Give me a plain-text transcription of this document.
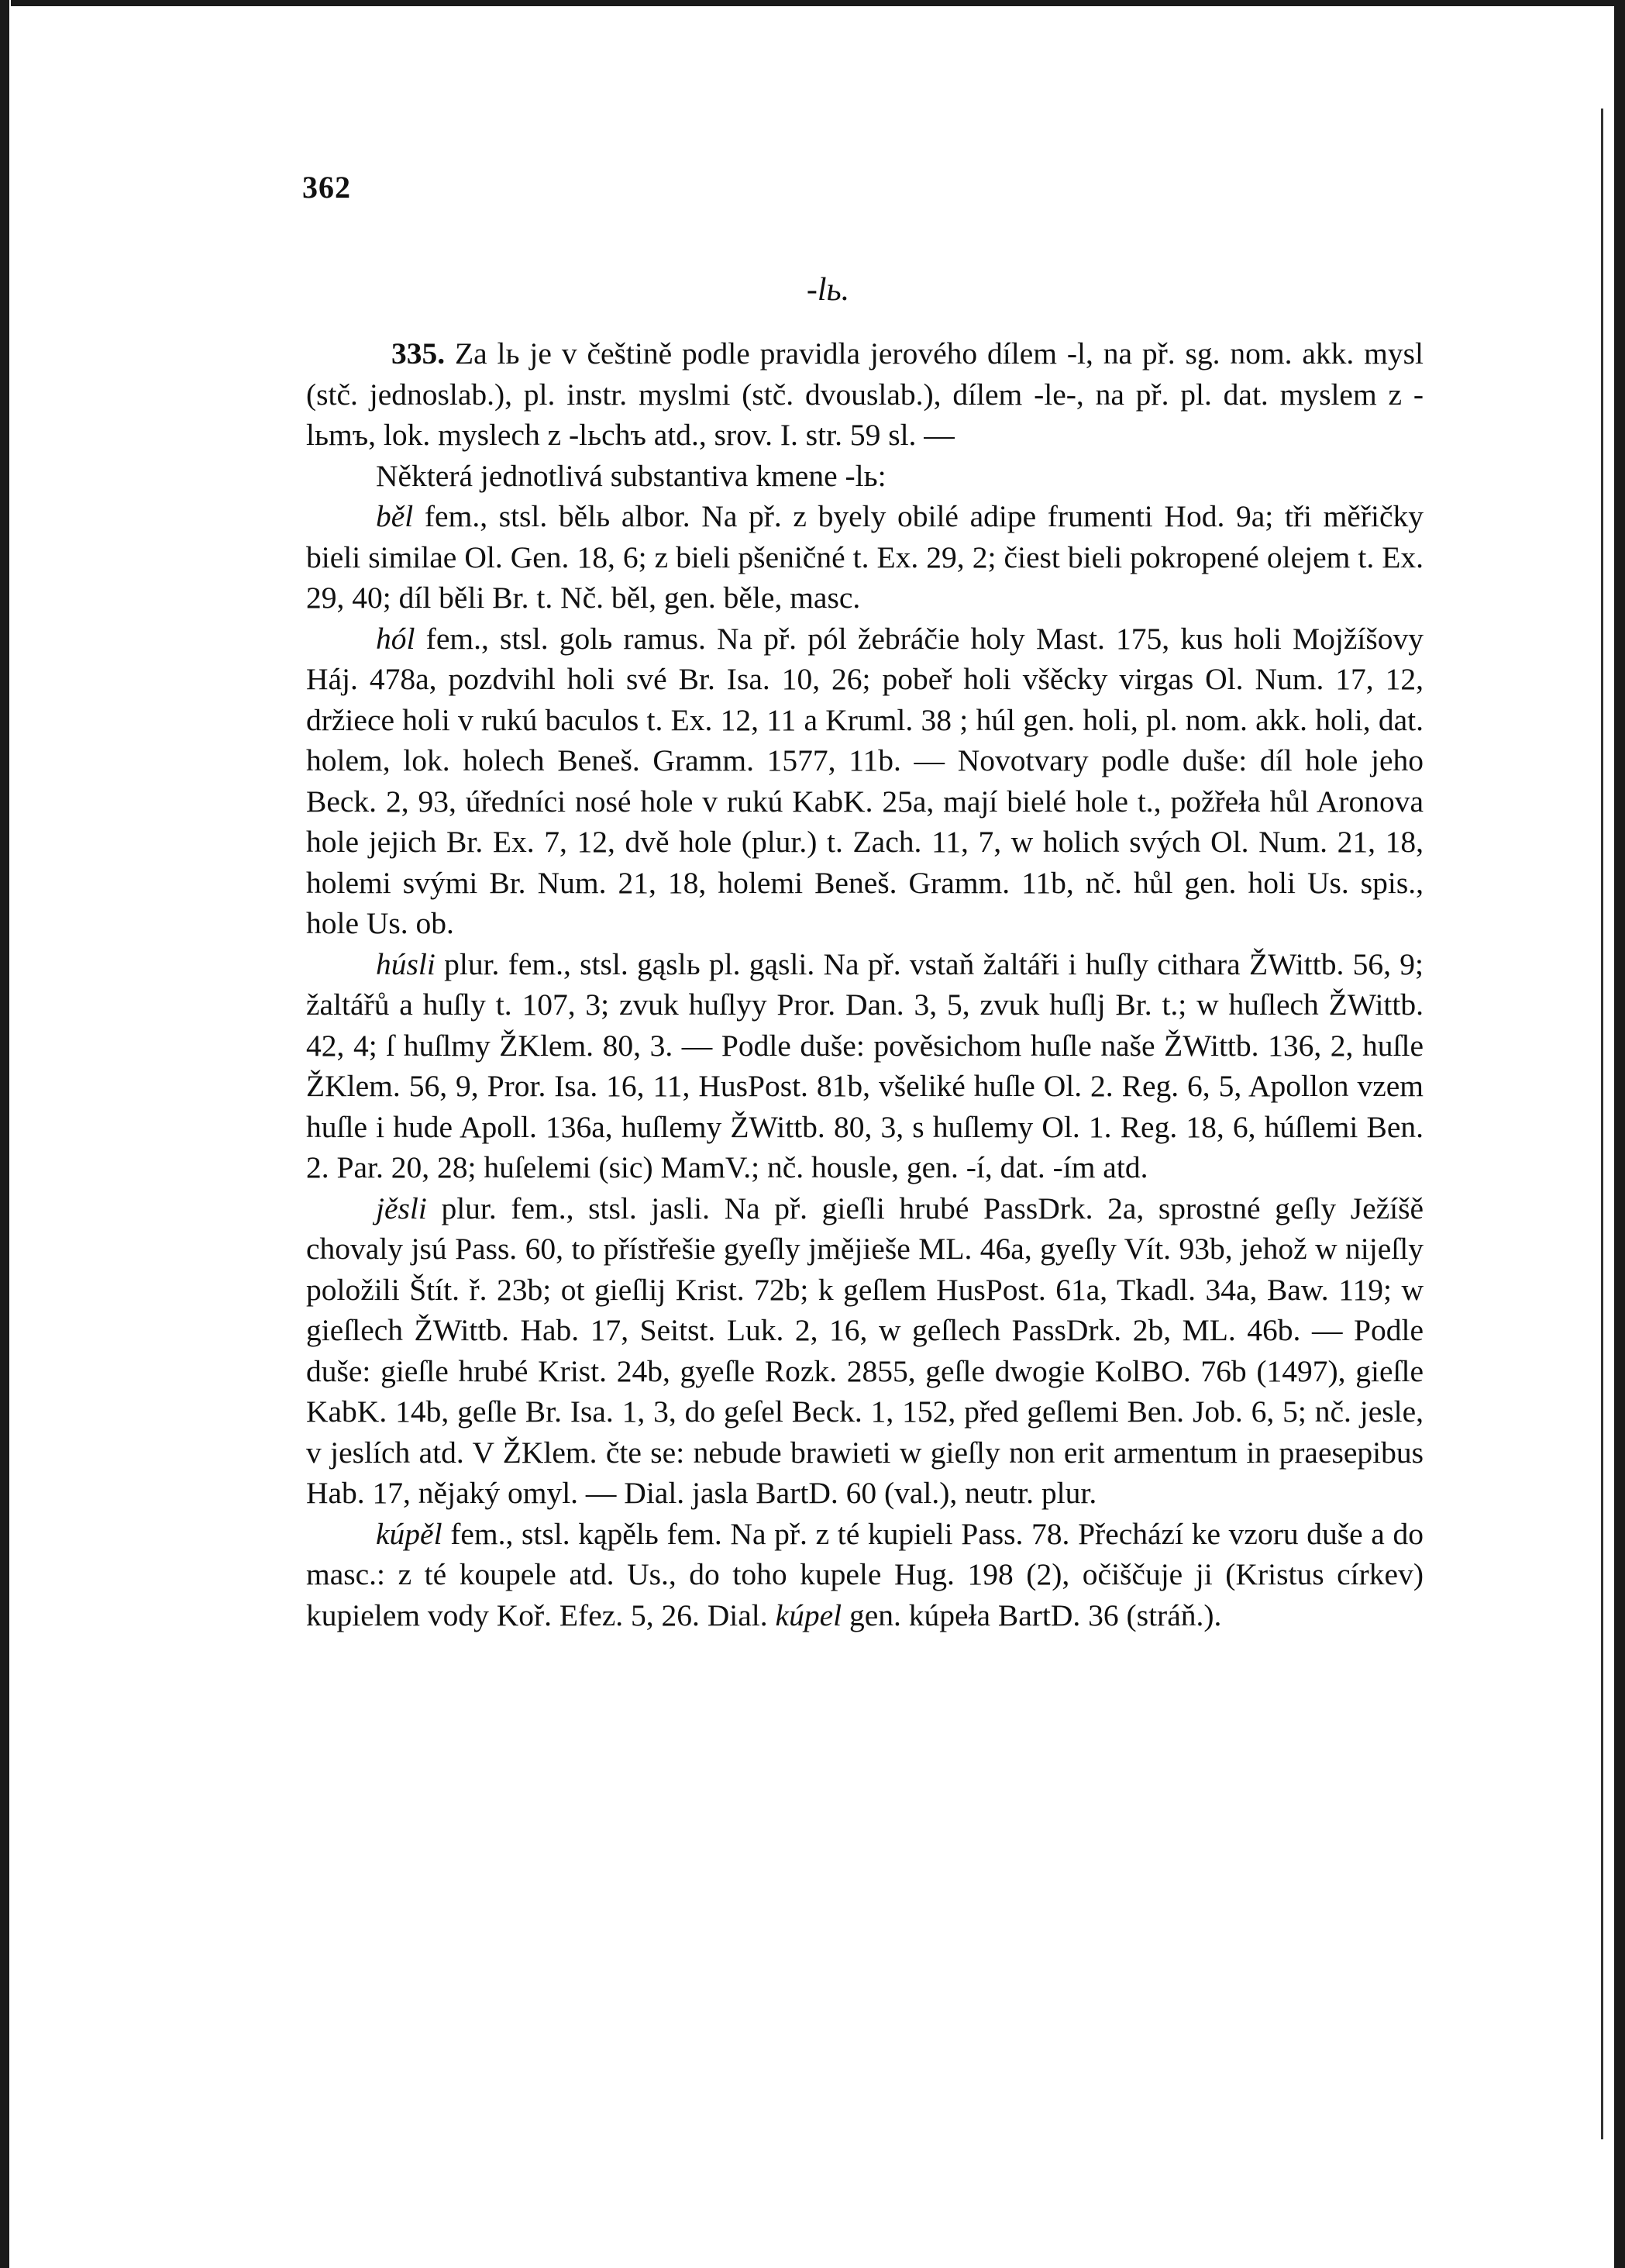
362
-lь.

335. Za lь je v češtině podle pravidla jerového dílem -l, na př. sg. nom. akk. mysl (stč. jednoslab.), pl. instr. myslmi (stč. dvouslab.), dílem -le-, na př. pl. dat. myslem z -lьmъ, lok. myslech z -lьchъ atd., srov. I. str. 59 sl. —

Některá jednotlivá substantiva kmene -lь:

běl fem., stsl. bělь albor. Na př. z byely obilé adipe frumenti Hod. 9a; tři měřičky bieli similae Ol. Gen. 18, 6; z bieli pšeničné t. Ex. 29, 2; čiest bieli pokropené olejem t. Ex. 29, 40; díl běli Br. t. Nč. běl, gen. běle, masc.

hól fem., stsl. golь ramus. Na př. pól žebráčie holy Mast. 175, kus holi Mojžíšovy Háj. 478a, pozdvihl holi své Br. Isa. 10, 26; pobeř holi všěcky virgas Ol. Num. 17, 12, držiece holi v rukú baculos t. Ex. 12, 11 a Kruml. 38 ; húl gen. holi, pl. nom. akk. holi, dat. holem, lok. holech Beneš. Gramm. 1577, 11b. — Novotvary podle duše: díl hole jeho Beck. 2, 93, úředníci nosé hole v rukú KabK. 25a, mají bielé hole t., požřeła hůl Aronova hole jejich Br. Ex. 7, 12, dvě hole (plur.) t. Zach. 11, 7, w holich svých Ol. Num. 21, 18, holemi svými Br. Num. 21, 18, holemi Beneš. Gramm. 11b, nč. hůl gen. holi Us. spis., hole Us. ob.

húsli plur. fem., stsl. gąslь pl. gąsli. Na př. vstaň žaltáři i huſly cithara ŽWittb. 56, 9; žaltářů a huſly t. 107, 3; zvuk huſlyy Pror. Dan. 3, 5, zvuk huſlj Br. t.; w huſlech ŽWittb. 42, 4; ſ huſlmy ŽKlem. 80, 3. — Podle duše: pověsichom huſle naše ŽWittb. 136, 2, huſle ŽKlem. 56, 9, Pror. Isa. 16, 11, HusPost. 81b, všeliké huſle Ol. 2. Reg. 6, 5, Apollon vzem huſle i hude Apoll. 136a, huſlemy ŽWittb. 80, 3, s huſlemy Ol. 1. Reg. 18, 6, húſlemi Ben. 2. Par. 20, 28; huſelemi (sic) MamV.; nč. housle, gen. -í, dat. -ím atd.

jěsli plur. fem., stsl. jasli. Na př. gieſli hrubé PassDrk. 2a, sprostné geſly Ježíšě chovaly jsú Pass. 60, to přístřešie gyeſly jmějieše ML. 46a, gyeſly Vít. 93b, jehož w nijeſly položili Štít. ř. 23b; ot gieſlij Krist. 72b; k geſlem HusPost. 61a, Tkadl. 34a, Baw. 119; w gieſlech ŽWittb. Hab. 17, Seitst. Luk. 2, 16, w geſlech PassDrk. 2b, ML. 46b. — Podle duše: gieſle hrubé Krist. 24b, gyeſle Rozk. 2855, geſle dwogie KolBO. 76b (1497), gieſle KabK. 14b, geſle Br. Isa. 1, 3, do geſel Beck. 1, 152, před geſlemi Ben. Job. 6, 5; nč. jesle, v jeslích atd. V ŽKlem. čte se: nebude brawieti w gieſly non erit armentum in praesepibus Hab. 17, nějaký omyl. — Dial. jasla BartD. 60 (val.), neutr. plur.

kúpěl fem., stsl. kąpělь fem. Na př. z té kupieli Pass. 78. Přechází ke vzoru duše a do masc.: z té koupele atd. Us., do toho kupele Hug. 198 (2), očiščuje ji (Kristus církev) kupielem vody Koř. Efez. 5, 26. Dial. kúpel gen. kúpeła BartD. 36 (stráň.).
